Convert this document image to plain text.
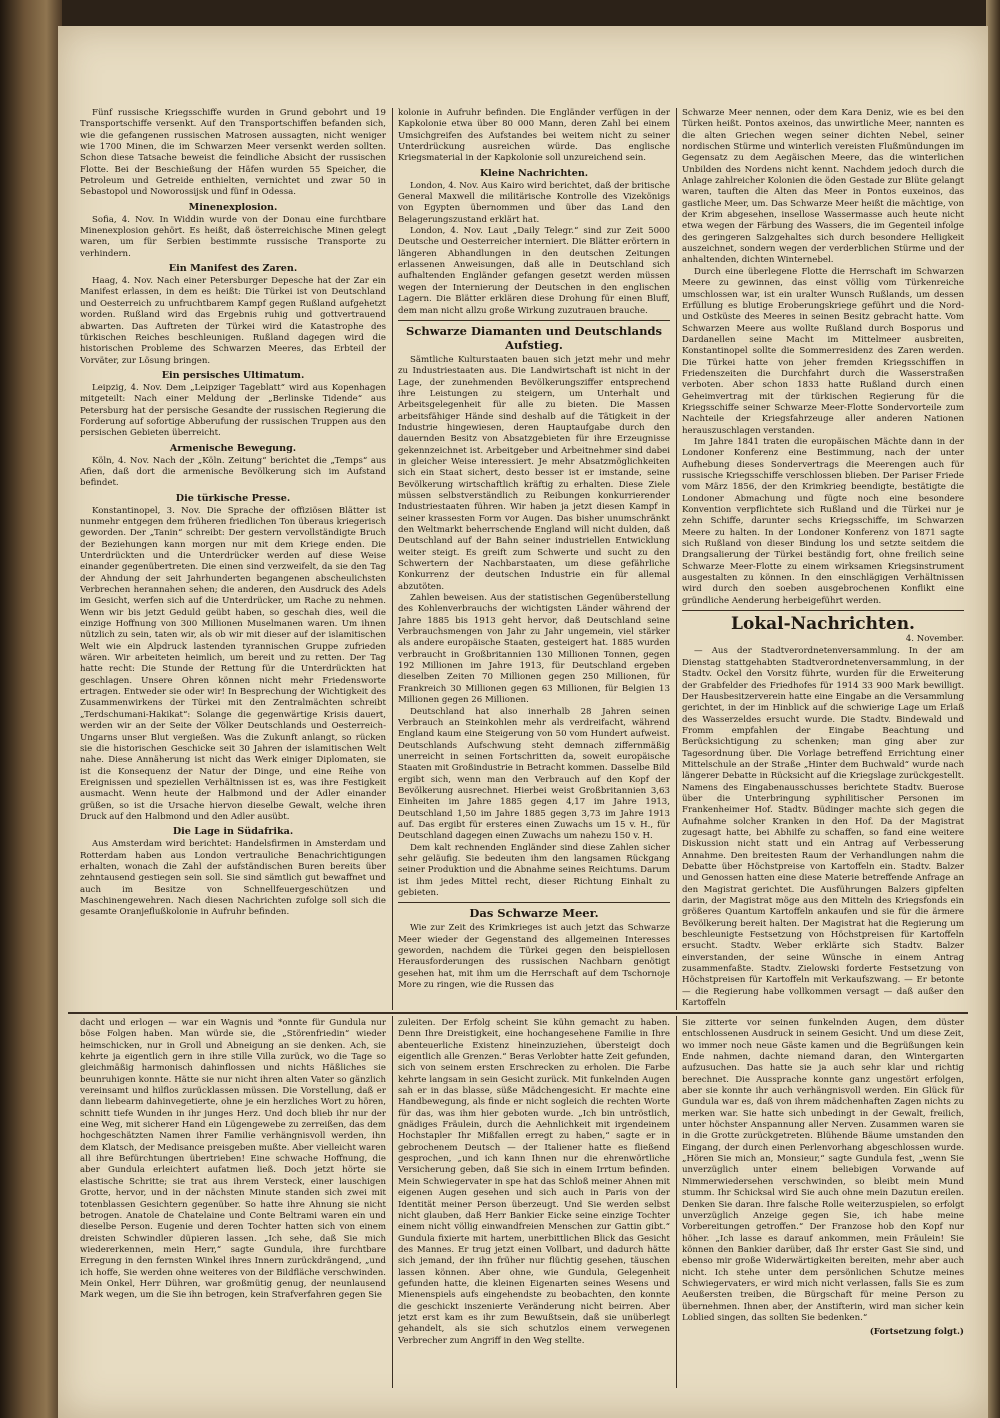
Fünf russische Kriegsschiffe wurden in Grund gebohrt und 19 Transportschiffe versenkt. Auf den Transportschiffen befanden sich, wie die gefangenen russischen Matrosen aussagten, nicht weniger wie 1700 Minen, die im Schwarzen Meer versenkt werden sollten. Schon diese Tatsache beweist die feindliche Absicht der russischen Flotte. Bei der Beschießung der Häfen wurden 55 Speicher, die Petroleum und Getreide enthielten, vernichtet und zwar 50 in Sebastopol und Noworossijsk und fünf in Odessa.

Minenexplosion.

Sofia, 4. Nov. In Widdin wurde von der Donau eine furchtbare Minenexplosion gehört. Es heißt, daß österreichische Minen gelegt waren, um für Serbien bestimmte russische Transporte zu verhindern.

Ein Manifest des Zaren.

Haag, 4. Nov. Nach einer Petersburger Depesche hat der Zar ein Manifest erlassen, in dem es heißt: Die Türkei ist von Deutschland und Oesterreich zu unfruchtbarem Kampf gegen Rußland aufgehetzt worden. Rußland wird das Ergebnis ruhig und gottvertrauend abwarten. Das Auftreten der Türkei wird die Katastrophe des türkischen Reiches beschleunigen. Rußland dagegen wird die historischen Probleme des Schwarzen Meeres, das Erbteil der Vorväter, zur Lösung bringen.

Ein persisches Ultimatum.

Leipzig, 4. Nov. Dem „Leipziger Tageblatt“ wird aus Kopenhagen mitgeteilt: Nach einer Meldung der „Berlinske Tidende“ aus Petersburg hat der persische Gesandte der russischen Regierung die Forderung auf sofortige Abberufung der russischen Truppen aus den persischen Gebieten überreicht.

Armenische Bewegung.

Köln, 4. Nov. Nach der „Köln. Zeitung“ berichtet die „Temps“ aus Afien, daß dort die armenische Bevölkerung sich im Aufstand befindet.

Die türkische Presse.

Konstantinopel, 3. Nov. Die Sprache der offiziösen Blätter ist nunmehr entgegen dem früheren friedlichen Ton überaus kriegerisch geworden. Der „Tanin“ schreibt: Der gestern vervollständigte Bruch der Beziehungen kann morgen nur mit dem Kriege enden. Die Unterdrückten und die Unterdrücker werden auf diese Weise einander gegenübertreten. Die einen sind verzweifelt, da sie den Tag der Ahndung der seit Jahrhunderten begangenen abscheulichsten Verbrechen herannahen sehen; die anderen, den Ausdruck des Adels im Gesicht, werfen sich auf die Unterdrücker, um Rache zu nehmen. Wenn wir bis jetzt Geduld geübt haben, so geschah dies, weil die einzige Hoffnung von 300 Millionen Muselmanen waren. Um ihnen nützlich zu sein, taten wir, als ob wir mit dieser auf der islamitischen Welt wie ein Alpdruck lastenden tyrannischen Gruppe zufrieden wären. Wir arbeiteten heimlich, um bereit und zu retten. Der Tag hatte recht: Die Stunde der Rettung für die Unterdrückten hat geschlagen. Unsere Ohren können nicht mehr Friedensworte ertragen. Entweder sie oder wir! In Besprechung der Wichtigkeit des Zusammenwirkens der Türkei mit den Zentralmächten schreibt „Terdschumani-Hakikat“: Solange die gegenwärtige Krisis dauert, werden wir an der Seite der Völker Deutschlands und Oesterreich-Ungarns unser Blut vergießen. Was die Zukunft anlangt, so rücken sie die historischen Geschicke seit 30 Jahren der islamitischen Welt nahe. Diese Annäherung ist nicht das Werk einiger Diplomaten, sie ist die Konsequenz der Natur der Dinge, und eine Reihe von Ereignissen und speziellen Verhältnissen ist es, was ihre Festigkeit ausmacht. Wenn heute der Halbmond und der Adler einander grüßen, so ist die Ursache hiervon dieselbe Gewalt, welche ihren Druck auf den Halbmond und den Adler ausübt.

Die Lage in Südafrika.

Aus Amsterdam wird berichtet: Handelsfirmen in Amsterdam und Rotterdam haben aus London vertrauliche Benachrichtigungen erhalten, wonach die Zahl der aufständischen Buren bereits über zehntausend gestiegen sein soll. Sie sind sämtlich gut bewaffnet und auch im Besitze von Schnellfeuergeschützen und Maschinengewehren. Nach diesen Nachrichten zufolge soll sich die gesamte Oranjeflußkolonie in Aufruhr befinden.

kolonie in Aufruhr befinden. Die Engländer verfügen in der Kapkolonie etwa über 80 000 Mann, deren Zahl bei einem Umsichgreifen des Aufstandes bei weitem nicht zu seiner Unterdrückung ausreichen würde. Das englische Kriegsmaterial in der Kapkolonie soll unzureichend sein.

Kleine Nachrichten.

London, 4. Nov. Aus Kairo wird berichtet, daß der britische General Maxwell die militärische Kontrolle des Vizekönigs von Egypten übernommen und über das Land den Belagerungszustand erklärt hat.

London, 4. Nov. Laut „Daily Telegr.“ sind zur Zeit 5000 Deutsche und Oesterreicher interniert. Die Blätter erörtern in längeren Abhandlungen in den deutschen Zeitungen erlassenen Anweisungen, daß alle in Deutschland sich aufhaltenden Engländer gefangen gesetzt werden müssen wegen der Internierung der Deutschen in den englischen Lagern. Die Blätter erklären diese Drohung für einen Bluff, dem man nicht allzu große Wirkung zuzutrauen brauche.

Schwarze Diamanten und Deutschlands Aufstieg.

Sämtliche Kulturstaaten bauen sich jetzt mehr und mehr zu Industriestaaten aus. Die Landwirtschaft ist nicht in der Lage, der zunehmenden Bevölkerungsziffer entsprechend ihre Leistungen zu steigern, um Unterhalt und Arbeitsgelegenheit für alle zu bieten. Die Massen arbeitsfähiger Hände sind deshalb auf die Tätigkeit in der Industrie hingewiesen, deren Hauptaufgabe durch den dauernden Besitz von Absatzgebieten für ihre Erzeugnisse gekennzeichnet ist. Arbeitgeber und Arbeitnehmer sind dabei in gleicher Weise interessiert. Je mehr Absatzmöglichkeiten sich ein Staat sichert, desto besser ist er imstande, seine Bevölkerung wirtschaftlich kräftig zu erhalten. Diese Ziele müssen selbstverständlich zu Reibungen konkurrierender Industriestaaten führen. Wir haben ja jetzt diesen Kampf in seiner krassesten Form vor Augen. Das bisher unumschränkt den Weltmarkt beherrschende England will nicht dulden, daß Deutschland auf der Bahn seiner industriellen Entwicklung weiter steigt. Es greift zum Schwerte und sucht zu den Schwertern der Nachbarstaaten, um diese gefährliche Konkurrenz der deutschen Industrie ein für allemal abzutöten.

Zahlen beweisen. Aus der statistischen Gegenüberstellung des Kohlenverbrauchs der wichtigsten Länder während der Jahre 1885 bis 1913 geht hervor, daß Deutschland seine Verbrauchsmengen von Jahr zu Jahr ungemein, viel stärker als andere europäische Staaten, gesteigert hat. 1885 wurden verbraucht in Großbritannien 130 Millionen Tonnen, gegen 192 Millionen im Jahre 1913, für Deutschland ergeben dieselben Zeiten 70 Millionen gegen 250 Millionen, für Frankreich 30 Millionen gegen 63 Millionen, für Belgien 13 Millionen gegen 26 Millionen.

Deutschland hat also innerhalb 28 Jahren seinen Verbrauch an Steinkohlen mehr als verdreifacht, während England kaum eine Steigerung von 50 vom Hundert aufweist. Deutschlands Aufschwung steht demnach ziffernmäßig unerreicht in seinen Fortschritten da, soweit europäische Staaten mit Großindustrie in Betracht kommen. Dasselbe Bild ergibt sich, wenn man den Verbrauch auf den Kopf der Bevölkerung ausrechnet. Hierbei weist Großbritannien 3,63 Einheiten im Jahre 1885 gegen 4,17 im Jahre 1913, Deutschland 1,50 im Jahre 1885 gegen 3,73 im Jahre 1913 auf. Das ergibt für ersteres einen Zuwachs um 15 v. H., für Deutschland dagegen einen Zuwachs um nahezu 150 v. H.

Dem kalt rechnenden Engländer sind diese Zahlen sicher sehr geläufig. Sie bedeuten ihm den langsamen Rückgang seiner Produktion und die Abnahme seines Reichtums. Darum ist ihm jedes Mittel recht, dieser Richtung Einhalt zu gebieten.

Das Schwarze Meer.

Wie zur Zeit des Krimkrieges ist auch jetzt das Schwarze Meer wieder der Gegenstand des allgemeinen Interesses geworden, nachdem die Türkei gegen den beispiellosen Herausforderungen des russischen Nachbarn genötigt gesehen hat, mit ihm um die Herrschaft auf dem Tschornoje More zu ringen, wie die Russen das

Schwarze Meer nennen, oder dem Kara Deniz, wie es bei den Türken heißt. Pontos axeinos, das unwirtliche Meer, nannten es die alten Griechen wegen seiner dichten Nebel, seiner nordischen Stürme und winterlich vereisten Flußmündungen im Gegensatz zu dem Aegäischen Meere, das die winterlichen Unbilden des Nordens nicht kennt. Nachdem jedoch durch die Anlage zahlreicher Kolonien die öden Gestade zur Blüte gelangt waren, tauften die Alten das Meer in Pontos euxeinos, das gastliche Meer, um. Das Schwarze Meer heißt die mächtige, von der Krim abgesehen, insellose Wassermasse auch heute nicht etwa wegen der Färbung des Wassers, die im Gegenteil infolge des geringeren Salzgehaltes sich durch besondere Helligkeit auszeichnet, sondern wegen der verderblichen Stürme und der anhaltenden, dichten Winternebel.

Durch eine überlegene Flotte die Herrschaft im Schwarzen Meere zu gewinnen, das einst völlig vom Türkenreiche umschlossen war, ist ein uralter Wunsch Rußlands, um dessen Erfüllung es blutige Eroberungskriege geführt und die Nord- und Ostküste des Meeres in seinen Besitz gebracht hatte. Vom Schwarzen Meere aus wollte Rußland durch Bosporus und Dardanellen seine Macht im Mittelmeer ausbreiten, Konstantinopel sollte die Sommerresidenz des Zaren werden. Die Türkei hatte von jeher fremden Kriegsschiffen in Friedenszeiten die Durchfahrt durch die Wasserstraßen verboten. Aber schon 1833 hatte Rußland durch einen Geheimvertrag mit der türkischen Regierung für die Kriegsschiffe seiner Schwarze Meer-Flotte Sondervorteile zum Nachteile der Kriegsfahrzeuge aller anderen Nationen herauszuschlagen verstanden.

Im Jahre 1841 traten die europäischen Mächte dann in der Londoner Konferenz eine Bestimmung, nach der unter Aufhebung dieses Sondervertrags die Meerengen auch für russische Kriegsschiffe verschlossen blieben. Der Pariser Friede vom März 1856, der den Krimkrieg beendigte, bestätigte die Londoner Abmachung und fügte noch eine besondere Konvention verpflichtete sich Rußland und die Türkei nur je zehn Schiffe, darunter sechs Kriegsschiffe, im Schwarzen Meere zu halten. In der Londoner Konferenz von 1871 sagte sich Rußland von dieser Bindung los und setzte seitdem die Drangsalierung der Türkei beständig fort, ohne freilich seine Schwarze Meer-Flotte zu einem wirksamen Kriegsinstrument ausgestalten zu können. In den einschlägigen Verhältnissen wird durch den soeben ausgebrochenen Konflikt eine gründliche Aenderung herbeigeführt werden.

Lokal-Nachrichten.

4. November.

— Aus der Stadtverordnetenversammlung. In der am Dienstag stattgehabten Stadtverordnetenversammlung, in der Stadtv. Ockel den Vorsitz führte, wurden für die Erweiterung der Grabfelder des Friedhofes für 1914 33 900 Mark bewilligt. Der Hausbesitzerverein hatte eine Eingabe an die Versammlung gerichtet, in der im Hinblick auf die schwierige Lage um Erlaß des Wasserzeldes ersucht wurde. Die Stadtv. Bindewald und Fromm empfahlen der Eingabe Beachtung und Berücksichtigung zu schenken; man ging aber zur Tagesordnung über. Die Vorlage betreffend Errichtung einer Mittelschule an der Straße „Hinter dem Buchwald“ wurde nach längerer Debatte in Rücksicht auf die Kriegslage zurückgestellt. Namens des Eingabenausschusses berichtete Stadtv. Buerose über die Unterbringung syphilitischer Personen im Frankenheimer Hof. Stadtv. Büdinger machte sich gegen die Aufnahme solcher Kranken in den Hof. Da der Magistrat zugesagt hatte, bei Abhilfe zu schaffen, so fand eine weitere Diskussion nicht statt und ein Antrag auf Verbesserung Annahme. Den breitesten Raum der Verhandlungen nahm die Debatte über Höchstpreise von Kartoffeln ein. Stadtv. Balzer und Genossen hatten eine diese Materie betreffende Anfrage an den Magistrat gerichtet. Die Ausführungen Balzers gipfelten darin, der Magistrat möge aus den Mitteln des Kriegsfonds ein größeres Quantum Kartoffeln ankaufen und sie für die ärmere Bevölkerung bereit halten. Der Magistrat hat die Regierung um beschleunigte Festsetzung von Höchstpreisen für Kartoffeln ersucht. Stadtv. Weber erklärte sich Stadtv. Balzer einverstanden, der seine Wünsche in einem Antrag zusammenfaßte. Stadtv. Zielowski forderte Festsetzung von Höchstpreisen für Kartoffeln mit Verkaufszwang. — Er betonte — die Regierung habe vollkommen versagt — daß außer den Kartoffeln

dacht und erlogen — war ein Wagnis und *onnte für Gundula nur böse Folgen haben. Man würde sie, die „Störenfriedin“ wieder heimschicken, nur in Groll und Abneigung an sie denken. Ach, sie kehrte ja eigentlich gern in ihre stille Villa zurück, wo die Tage so gleichmäßig harmonisch dahinflossen und nichts Häßliches sie beunruhigen konnte. Hätte sie nur nicht ihren alten Vater so gänzlich vereinsamt und hilflos zurücklassen müssen. Die Vorstellung, daß er dann liebearm dahinvegetierte, ohne je ein herzliches Wort zu hören, schnitt tiefe Wunden in ihr junges Herz. Und doch blieb ihr nur der eine Weg, mit sicherer Hand ein Lügengewebe zu zerreißen, das dem hochgeschätzten Namen ihrer Familie verhängnisvoll werden, ihn dem Klatsch, der Medisance preisgeben mußte. Aber vielleicht waren all ihre Befürchtungen übertrieben! Eine schwache Hoffnung, die aber Gundula erleichtert aufatmen ließ. Doch jetzt hörte sie elastische Schritte; sie trat aus ihrem Versteck, einer lauschigen Grotte, hervor, und in der nächsten Minute standen sich zwei mit totenblassen Gesichtern gegenüber. So hatte ihre Ahnung sie nicht betrogen. Anatole de Chatelaine und Conte Beltrami waren ein und dieselbe Person. Eugenie und deren Tochter hatten sich von einem dreisten Schwindler düpieren lassen. „Ich sehe, daß Sie mich wiedererkennen, mein Herr,“ sagte Gundula, ihre furchtbare Erregung in den fernsten Winkel ihres Innern zurückdrängend, „und ich hoffe, Sie werden ohne weiteres von der Bildfläche verschwinden. Mein Onkel, Herr Dühren, war großmütig genug, der neunlausend Mark wegen, um die Sie ihn betrogen, kein Strafverfahren gegen Sie

zuleiten. Der Erfolg scheint Sie kühn gemacht zu haben. Denn Ihre Dreistigkeit, eine hochangesehene Familie in Ihre abenteuerliche Existenz hineinzuziehen, übersteigt doch eigentlich alle Grenzen.“ Beras Verlobter hatte Zeit gefunden, sich von seinem ersten Erschrecken zu erholen. Die Farbe kehrte langsam in sein Gesicht zurück. Mit funkelnden Augen sah er in das blasse, süße Mädchengesicht. Er machte eine Handbewegung, als finde er nicht sogleich die rechten Worte für das, was ihm hier geboten wurde. „Ich bin untröstlich, gnädiges Fräulein, durch die Aehnlichkeit mit irgendeinem Hochstapler Ihr Mißfallen erregt zu haben,“ sagte er in gebrochenem Deutsch — der Italiener hatte es fließend gesprochen, „und ich kann Ihnen nur die ehrenwörtliche Versicherung geben, daß Sie sich in einem Irrtum befinden. Mein Schwiegervater in spe hat das Schloß meiner Ahnen mit eigenen Augen gesehen und sich auch in Paris von der Identität meiner Person überzeugt. Und Sie werden selbst nicht glauben, daß Herr Bankier Eicke seine einzige Tochter einem nicht völlig einwandfreien Menschen zur Gattin gibt.“ Gundula fixierte mit hartem, unerbittlichen Blick das Gesicht des Mannes. Er trug jetzt einen Vollbart, und dadurch hätte sich jemand, der ihn früher nur flüchtig gesehen, täuschen lassen können. Aber ohne, wie Gundula, Gelegenheit gefunden hatte, die kleinen Eigenarten seines Wesens und Mienenspiels aufs eingehendste zu beobachten, den konnte die geschickt inszenierte Veränderung nicht beirren. Aber jetzt erst kam es ihr zum Bewußtsein, daß sie unüberlegt gehandelt, als sie sich schutzlos einem verwegenen Verbrecher zum Angriff in den Weg stellte.

Sie zitterte vor seinen funkelnden Augen, dem düster entschlossenen Ausdruck in seinem Gesicht. Und um diese Zeit, wo immer noch neue Gäste kamen und die Begrüßungen kein Ende nahmen, dachte niemand daran, den Wintergarten aufzusuchen. Das hatte sie ja auch sehr klar und richtig berechnet. Die Aussprache konnte ganz ungestört erfolgen, aber sie konnte ihr auch verhängnisvoll werden. Ein Glück für Gundula war es, daß von ihrem mädchenhaften Zagen nichts zu merken war. Sie hatte sich unbedingt in der Gewalt, freilich, unter höchster Anspannung aller Nerven. Zusammen waren sie in die Grotte zurückgetreten. Blühende Bäume umstanden den Eingang, der durch einen Perlenvorhang abgeschlossen wurde. „Hören Sie mich an, Monsieur,“ sagte Gundula fest, „wenn Sie unverzüglich unter einem beliebigen Vorwande auf Nimmerwiedersehen verschwinden, so bleibt mein Mund stumm. Ihr Schicksal wird Sie auch ohne mein Dazutun ereilen. Denken Sie daran. Ihre falsche Rolle weiterzuspielen, so erfolgt unverzüglich Anzeige gegen Sie, ich habe meine Vorbereitungen getroffen.“ Der Franzose hob den Kopf nur höher. „Ich lasse es darauf ankommen, mein Fräulein! Sie können den Bankier darüber, daß Ihr erster Gast Sie sind, und ebenso mir große Widerwärtigkeiten bereiten, mehr aber auch nicht. Ich stehe unter dem persönlichen Schutze meines Schwiegervaters, er wird mich nicht verlassen, falls Sie es zum Aeußersten treiben, die Bürgschaft für meine Person zu übernehmen. Ihnen aber, der Anstifterin, wird man sicher kein Loblied singen, das sollten Sie bedenken.“

(Fortsetzung folgt.)
